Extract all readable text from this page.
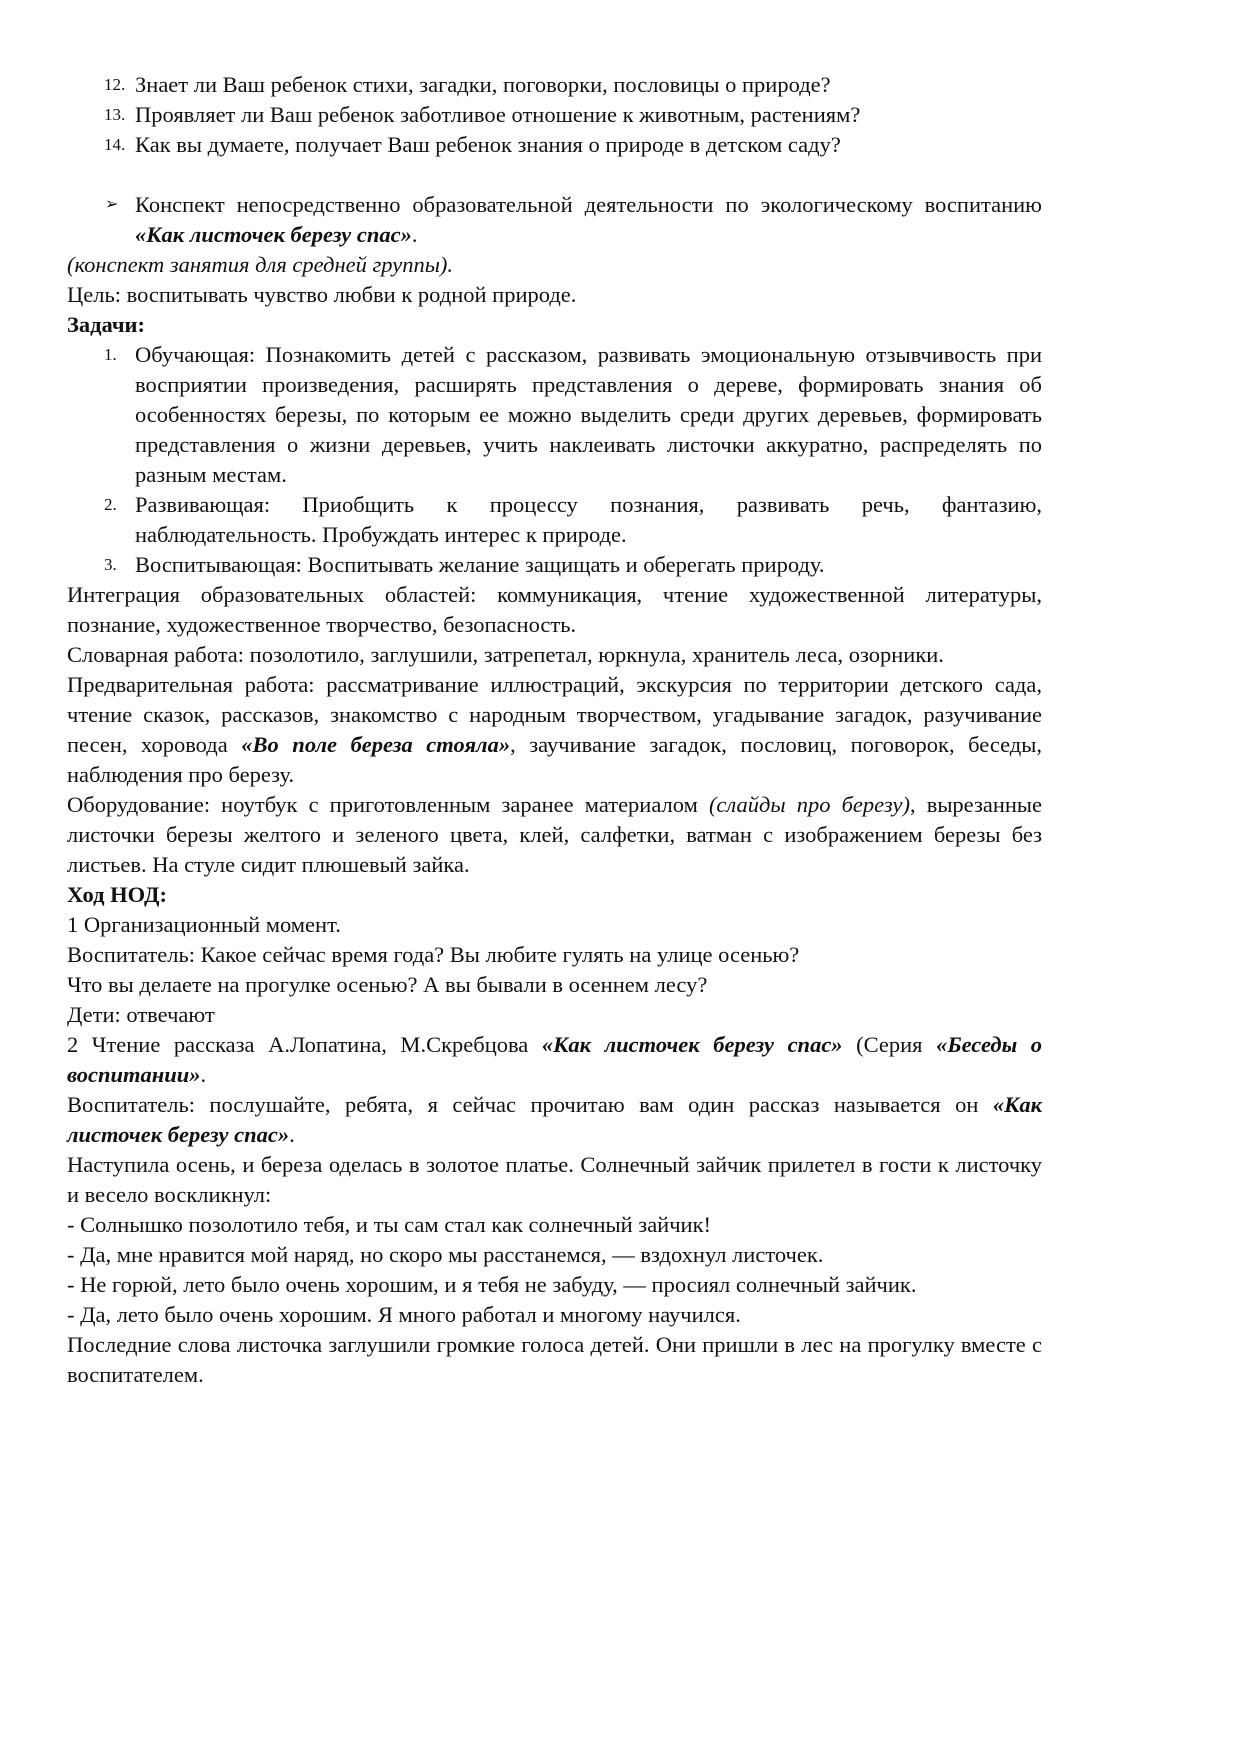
12. Знает ли Ваш ребенок стихи, загадки, поговорки, пословицы о природе?
13. Проявляет ли Ваш ребенок заботливое отношение к животным, растениям?
14. Как вы думаете, получает Ваш ребенок знания о природе в детском саду?
➢ Конспект непосредственно образовательной деятельности по экологическому воспитанию «Как листочек березу спас».
(конспект занятия для средней группы).
Цель: воспитывать чувство любви к родной природе.
Задачи:
1. Обучающая: Познакомить детей с рассказом, развивать эмоциональную отзывчивость при восприятии произведения, расширять представления о дереве, формировать знания об особенностях березы, по которым ее можно выделить среди других деревьев, формировать представления о жизни деревьев, учить наклеивать листочки аккуратно, распределять по разным местам.
2. Развивающая: Приобщить к процессу познания, развивать речь, фантазию, наблюдательность. Пробуждать интерес к природе.
3. Воспитывающая: Воспитывать желание защищать и оберегать природу.
Интеграция образовательных областей: коммуникация, чтение художественной литературы, познание, художественное творчество, безопасность.
Словарная работа: позолотило, заглушили, затрепетал, юркнула, хранитель леса, озорники.
Предварительная работа: рассматривание иллюстраций, экскурсия по территории детского сада, чтение сказок, рассказов, знакомство с народным творчеством, угадывание загадок, разучивание песен, хоровода «Во поле береза стояла», заучивание загадок, пословиц, поговорок, беседы, наблюдения про березу.
Оборудование: ноутбук с приготовленным заранее материалом (слайды про березу), вырезанные листочки березы желтого и зеленого цвета, клей, салфетки, ватман с изображением березы без листьев. На стуле сидит плюшевый зайка.
Ход НОД:
1 Организационный момент.
Воспитатель: Какое сейчас время года? Вы любите гулять на улице осенью?
Что вы делаете на прогулке осенью? А вы бывали в осеннем лесу?
Дети: отвечают
2 Чтение рассказа А.Лопатина, М.Скребцова «Как листочек березу спас» (Серия «Беседы о воспитании».
Воспитатель: послушайте, ребята, я сейчас прочитаю вам один рассказ называется он «Как листочек березу спас».
Наступила осень, и береза оделась в золотое платье. Солнечный зайчик прилетел в гости к листочку и весело воскликнул:
- Солнышко позолотило тебя, и ты сам стал как солнечный зайчик!
- Да, мне нравится мой наряд, но скоро мы расстанемся, — вздохнул листочек.
- Не горюй, лето было очень хорошим, и я тебя не забуду, — просиял солнечный зайчик.
- Да, лето было очень хорошим. Я много работал и многому научился.
Последние слова листочка заглушили громкие голоса детей. Они пришли в лес на прогулку вместе с воспитателем.
